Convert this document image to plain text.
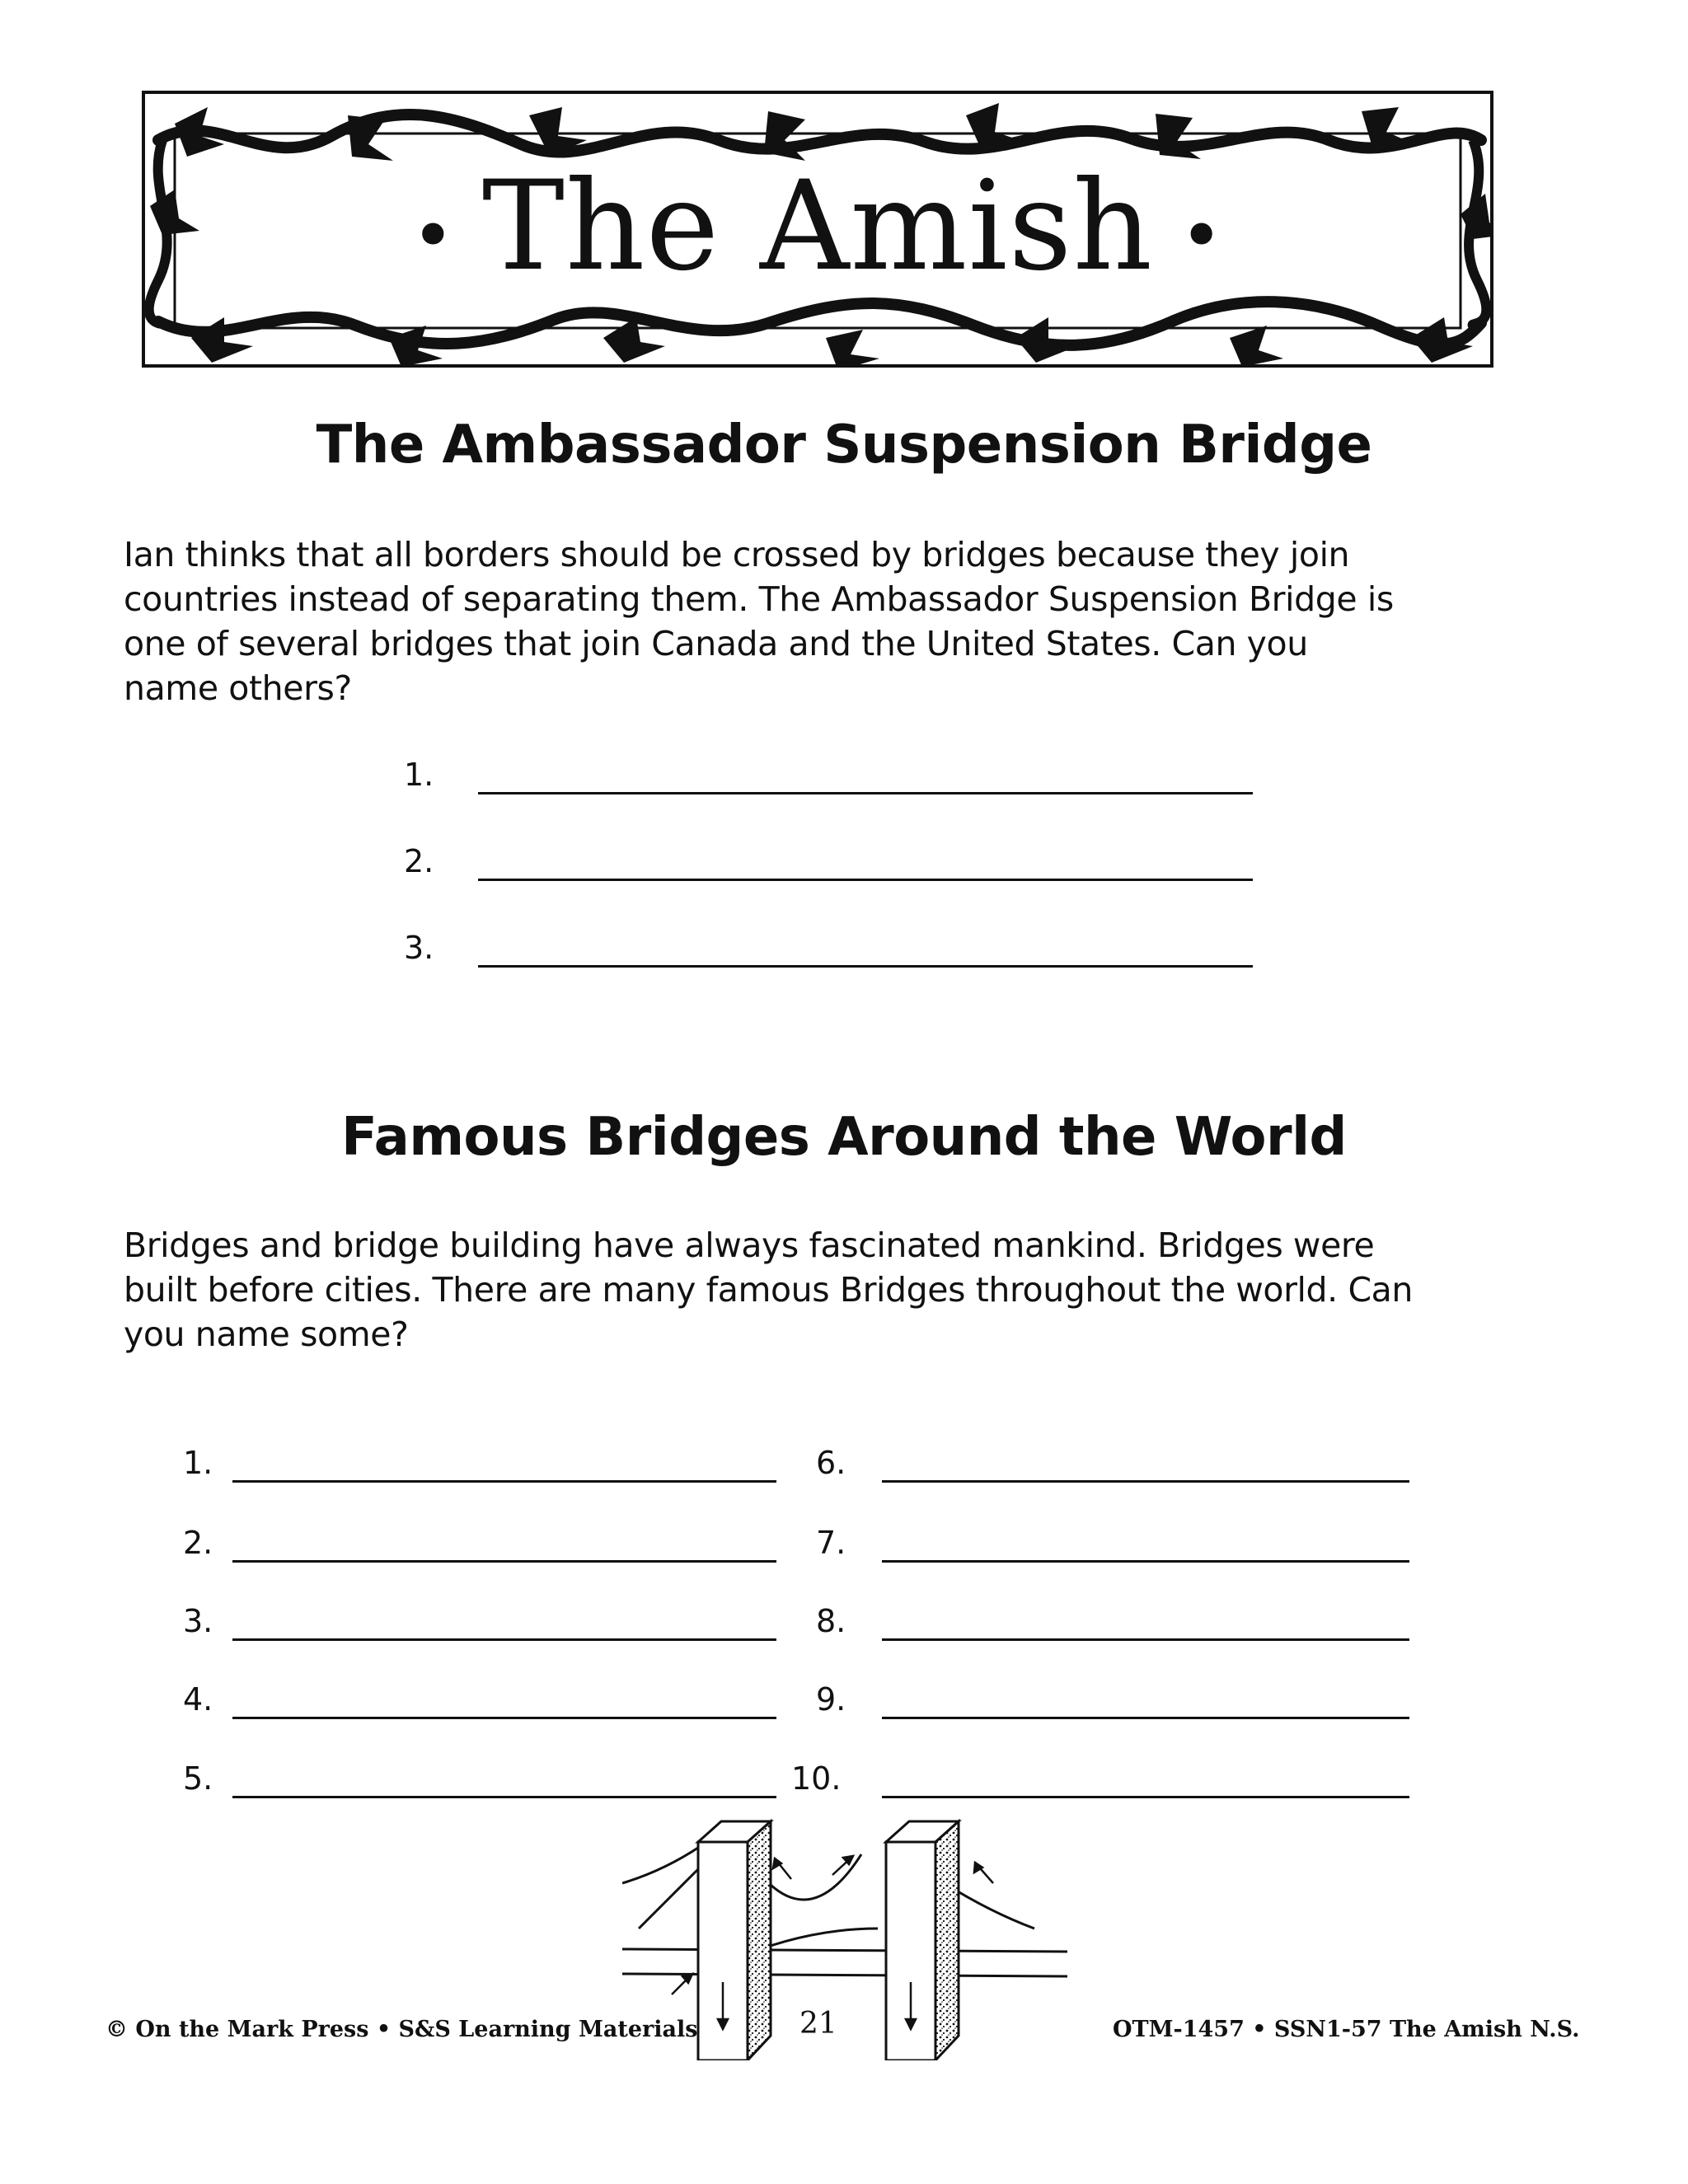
• The Amish •
The Ambassador Suspension Bridge
Ian thinks that all borders should be crossed by bridges because they join
countries instead of separating them. The Ambassador Suspension Bridge is
one of several bridges that join Canada and the United States. Can you
name others?
1.
2.
3.
Famous Bridges Around the World
Bridges and bridge building have always fascinated mankind. Bridges were
built before cities. There are many famous Bridges throughout the world. Can
you name some?
1.
2.
3.
4.
5.
6.
7.
8.
9.
10.
© On the Mark Press • S&S Learning Materials	21	OTM-1457 • SSN1-57 The Amish N.S.
